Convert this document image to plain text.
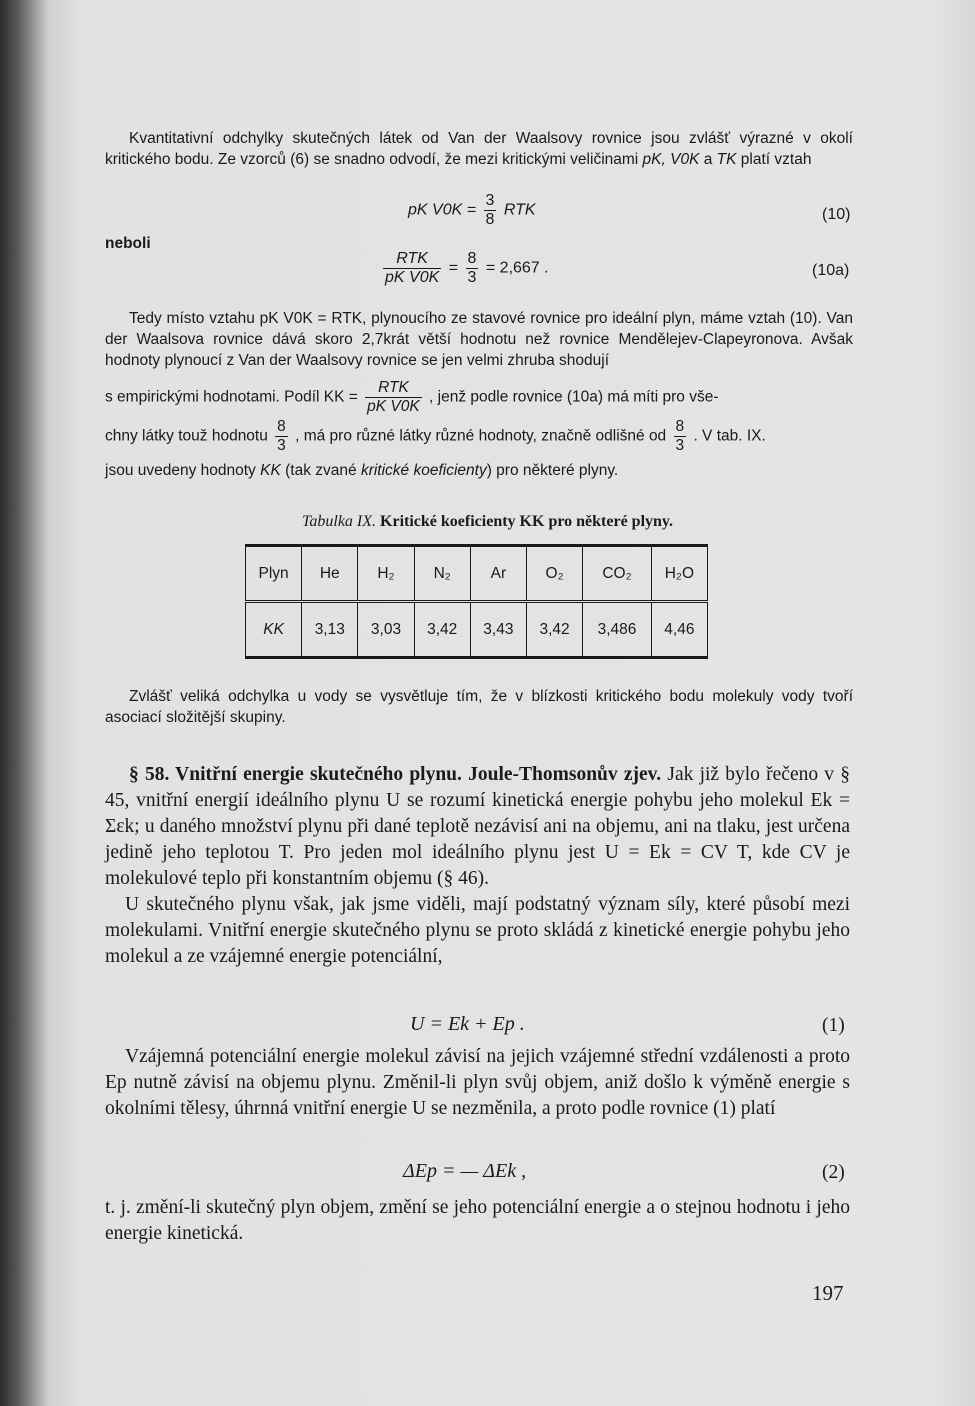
Kvantitativní odchylky skutečných látek od Van der Waalsovy rovnice jsou zvlášť výrazné v okolí kritického bodu. Ze vzorců (6) se snadno odvodí, že mezi kritickými veličinami pK, V0K a TK platí vztah

pK $V0K = \frac{3}{8}$ RTK	(10)
neboli
$\frac{\text{RTK}}{\text{pK V0K}} = \frac{8}{3} = 2,667$ .	(10a)

Tedy místo vztahu pK V0K = RTK, plynoucího ze stavové rovnice pro ideální plyn, máme vztah (10). Van der Waalsova rovnice dává skoro 2,7krát větší hodnotu než rovnice Mendělejev-Clapeyronova. Avšak hodnoty plynoucí z Van der Waalsovy rovnice se jen velmi zhruba shodují

s empirickými hodnotami. Podíl KK = $\frac{\text{RTK}}{\text{pK V0K}}$ , jenž podle rovnice (10a) má míti pro vše-
chny látky touž hodnotu $\frac{8}{3}$ , má pro různé látky různé hodnoty, značně odlišné od $\frac{8}{3}$ . V tab. IX.
jsou uvedeny hodnoty KK (tak zvané kritické koeficienty) pro některé plyny.
Tabulka IX. Kritické koeficienty KK pro některé plyny.
Plyn	He	H₂	N₂	Ar	O₂	CO₂	H₂O
KK	3,13	3,03	3,42	3,43	3,42	3,486	4,46

Zvlášť veliká odchylka u vody se vysvětluje tím, že v blízkosti kritického bodu molekuly vody tvoří asociací složitější skupiny.

§ 58. Vnitřní energie skutečného plynu. Joule-Thomsonův zjev. Jak již bylo řečeno v § 45, vnitřní energií ideálního plynu U se rozumí kinetická energie pohybu jeho molekul Ek = Σεk; u daného množství plynu při dané teplotě nezávisí ani na objemu, ani na tlaku, jest určena jedině jeho teplotou T. Pro jeden mol ideálního plynu jest U = Ek = CV T, kde CV je molekulové teplo při konstantním objemu (§ 46).

U skutečného plynu však, jak jsme viděli, mají podstatný význam síly, které působí mezi molekulami. Vnitřní energie skutečného plynu se proto skládá z kinetické energie pohybu jeho molekul a ze vzájemné energie potenciální,

U = Ek + Ep .	(1)

Vzájemná potenciální energie molekul závisí na jejich vzájemné střední vzdálenosti a proto Ep nutně závisí na objemu plynu. Změnil-li plyn svůj objem, aniž došlo k výměně energie s okolními tělesy, úhrnná vnitřní energie U se nezměnila, a proto podle rovnice (1) platí

ΔEp = — ΔEk ,	(2)

t. j. změní-li skutečný plyn objem, změní se jeho potenciální energie a o stejnou hodnotu i jeho energie kinetická.

197
